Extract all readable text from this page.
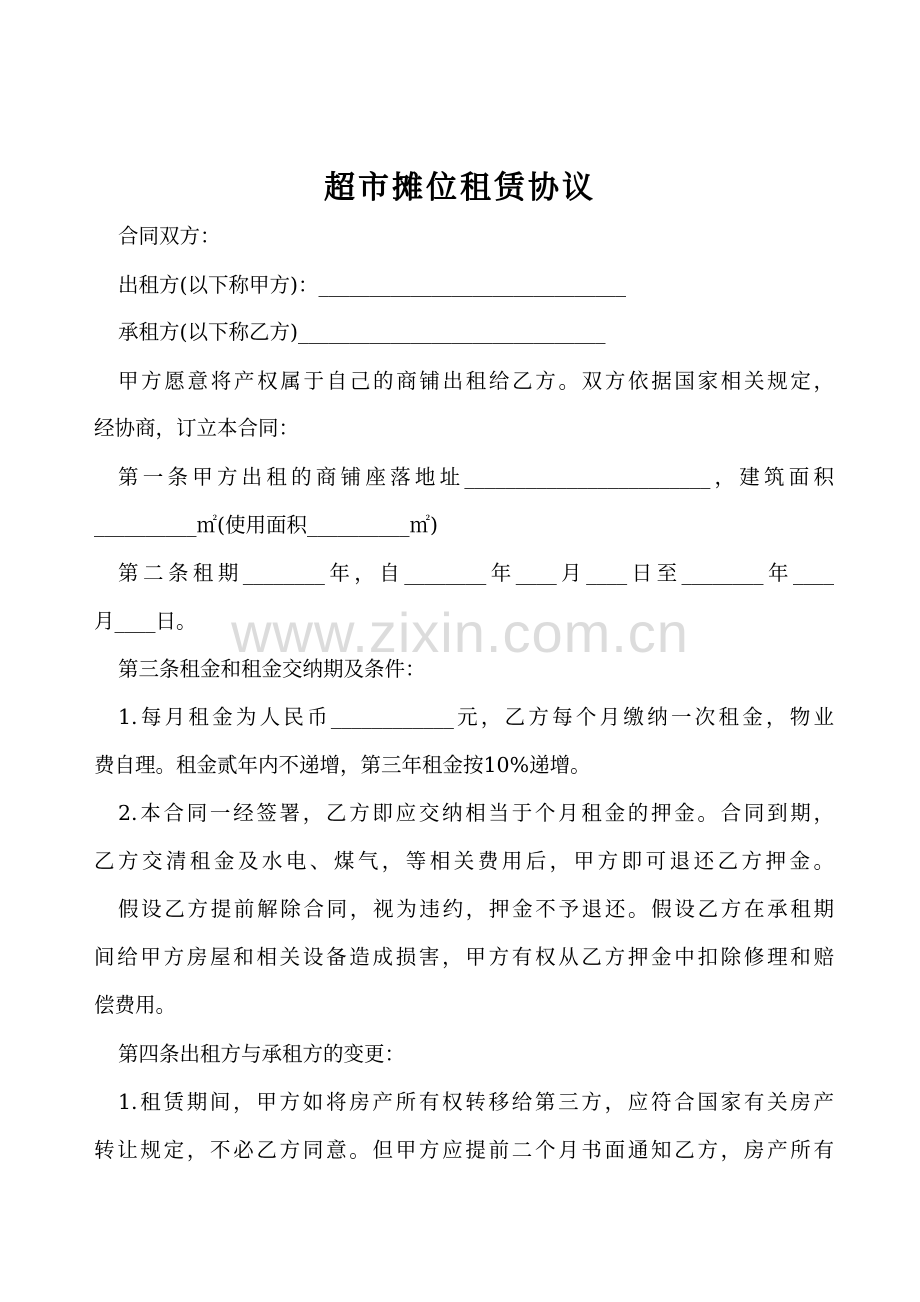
www.zixin.com.cn
超市摊位租赁协议
合同双方：
出租方(以下称甲方)：______________________________
承租方(以下称乙方)______________________________
甲方愿意将产权属于自己的商铺出租给乙方。双方依据国家相关规定，
经协商，订立本合同：
第一条甲方出租的商铺座落地址________________________，建筑面积
__________㎡(使用面积__________㎡)
第二条租期________年，自________年____月____日至________年____
月____日。
第三条租金和租金交纳期及条件：
1.每月租金为人民币____________元，乙方每个月缴纳一次租金，物业
费自理。租金贰年内不递增，第三年租金按10%递增。
2.本合同一经签署，乙方即应交纳相当于个月租金的押金。合同到期，
乙方交清租金及水电、煤气，等相关费用后，甲方即可退还乙方押金。
假设乙方提前解除合同，视为违约，押金不予退还。假设乙方在承租期
间给甲方房屋和相关设备造成损害，甲方有权从乙方押金中扣除修理和赔
偿费用。
第四条出租方与承租方的变更：
1.租赁期间，甲方如将房产所有权转移给第三方，应符合国家有关房产
转让规定，不必乙方同意。但甲方应提前二个月书面通知乙方，房产所有
